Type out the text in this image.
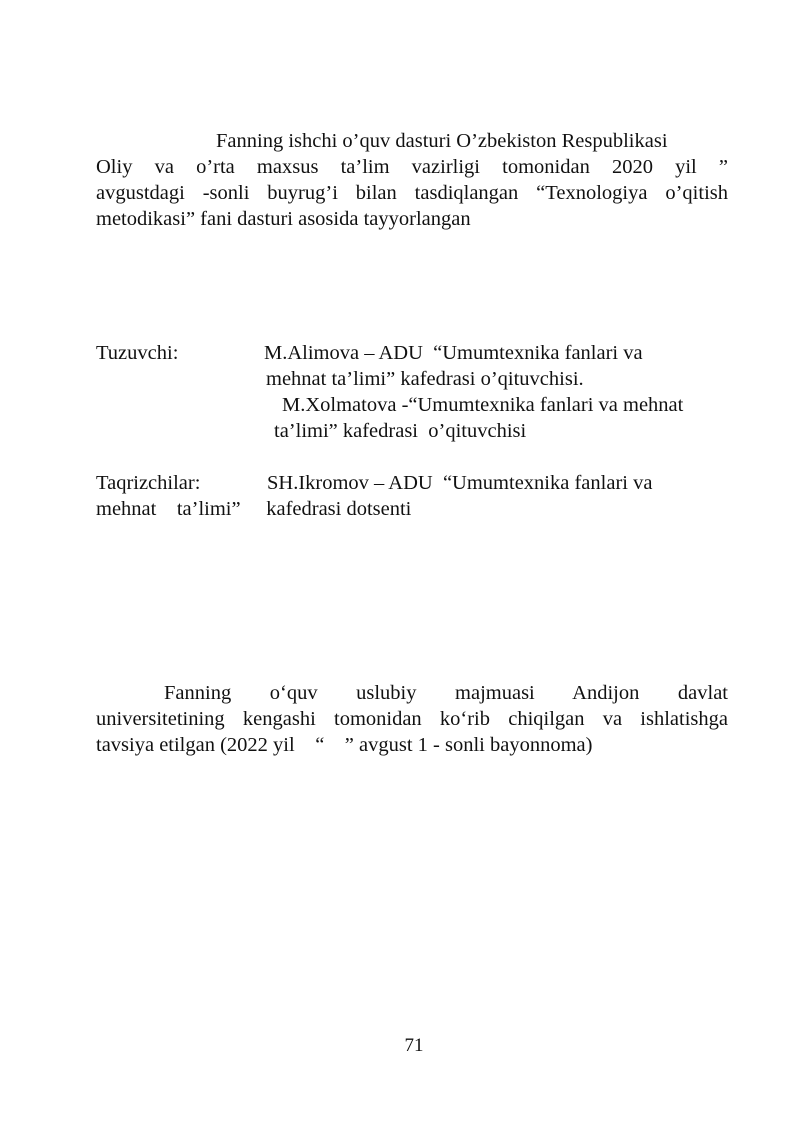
Fanning ishchi o’quv dasturi O’zbekiston Respublikasi
Oliy va o’rta maxsus ta’lim vazirligi tomonidan 2020 yil ”
avgustdagi -sonli buyrug’i bilan tasdiqlangan “Texnologiya o’qitish
metodikasi” fani dasturi asosida tayyorlangan
Tuzuvchi:	M.Alimova – ADU  “Umumtexnika fanlari va
mehnat ta’limi” kafedrasi o’qituvchisi.
M.Xolmatova -“Umumtexnika fanlari va mehnat
ta’limi” kafedrasi  o’qituvchisi
Taqrizchilar:	SH.Ikromov – ADU  “Umumtexnika fanlari va
mehnat    ta’limi”     kafedrasi dotsenti
Fanning o‘quv uslubiy majmuasi Andijon davlat
universitetining kengashi tomonidan ko‘rib chiqilgan va ishlatishga
tavsiya etilgan (2022 yil    “    ” avgust 1 - sonli bayonnoma)
71
